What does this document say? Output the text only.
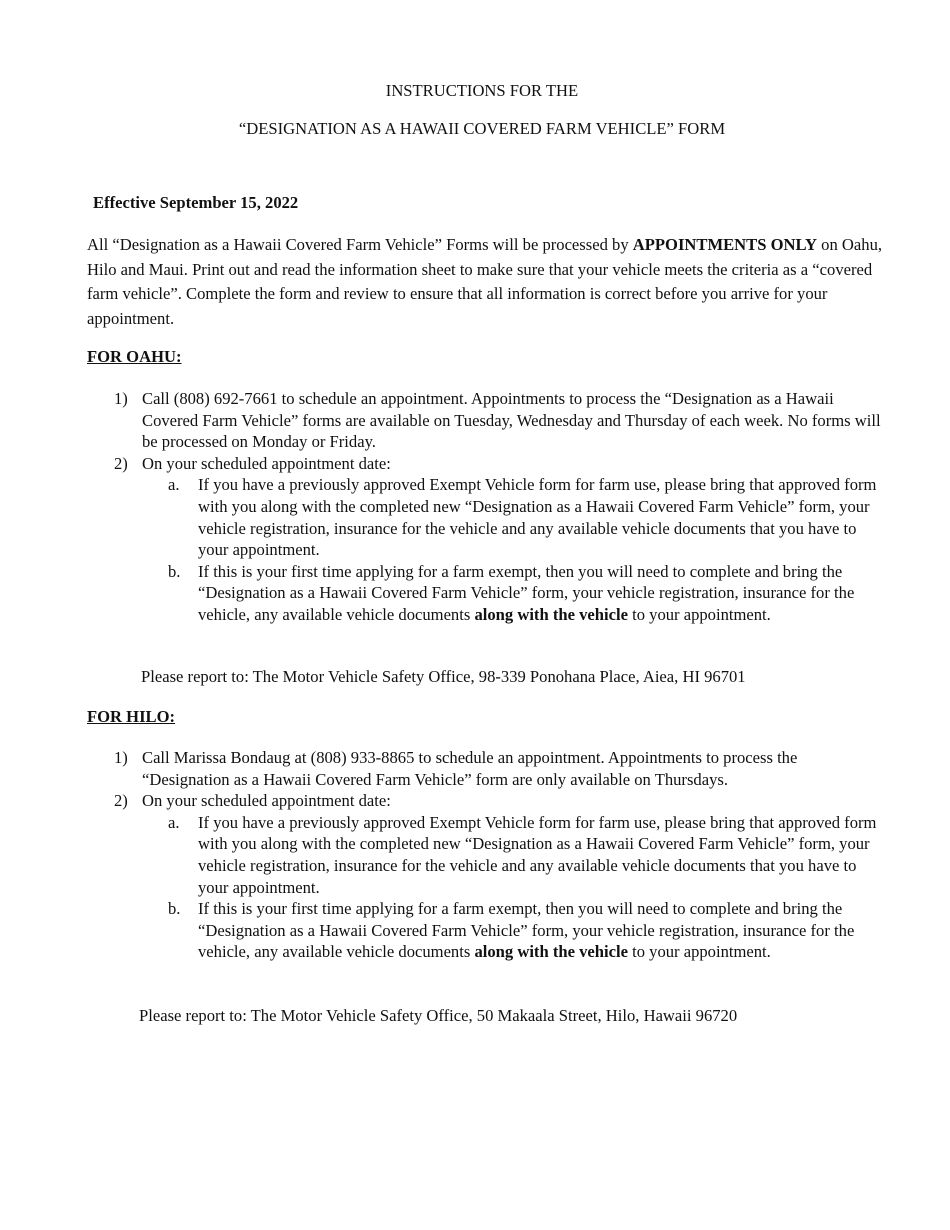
INSTRUCTIONS FOR THE
“DESIGNATION AS A HAWAII COVERED FARM VEHICLE” FORM
Effective September 15, 2022
All “Designation as a Hawaii Covered Farm Vehicle” Forms will be processed by APPOINTMENTS ONLY on Oahu, Hilo and Maui. Print out and read the information sheet to make sure that your vehicle meets the criteria as a “covered farm vehicle”. Complete the form and review to ensure that all information is correct before you arrive for your appointment.
FOR OAHU:
1) Call (808) 692-7661 to schedule an appointment. Appointments to process the “Designation as a Hawaii Covered Farm Vehicle” forms are available on Tuesday, Wednesday and Thursday of each week. No forms will be processed on Monday or Friday.
2) On your scheduled appointment date:
a. If you have a previously approved Exempt Vehicle form for farm use, please bring that approved form with you along with the completed new “Designation as a Hawaii Covered Farm Vehicle” form, your vehicle registration, insurance for the vehicle and any available vehicle documents that you have to your appointment.
b. If this is your first time applying for a farm exempt, then you will need to complete and bring the “Designation as a Hawaii Covered Farm Vehicle” form, your vehicle registration, insurance for the vehicle, any available vehicle documents along with the vehicle to your appointment.
Please report to: The Motor Vehicle Safety Office, 98-339 Ponohana Place, Aiea, HI 96701
FOR HILO:
1) Call Marissa Bondaug at (808) 933-8865 to schedule an appointment. Appointments to process the “Designation as a Hawaii Covered Farm Vehicle” form are only available on Thursdays.
2) On your scheduled appointment date:
a. If you have a previously approved Exempt Vehicle form for farm use, please bring that approved form with you along with the completed new “Designation as a Hawaii Covered Farm Vehicle” form, your vehicle registration, insurance for the vehicle and any available vehicle documents that you have to your appointment.
b. If this is your first time applying for a farm exempt, then you will need to complete and bring the “Designation as a Hawaii Covered Farm Vehicle” form, your vehicle registration, insurance for the vehicle, any available vehicle documents along with the vehicle to your appointment.
Please report to: The Motor Vehicle Safety Office, 50 Makaala Street, Hilo, Hawaii 96720
